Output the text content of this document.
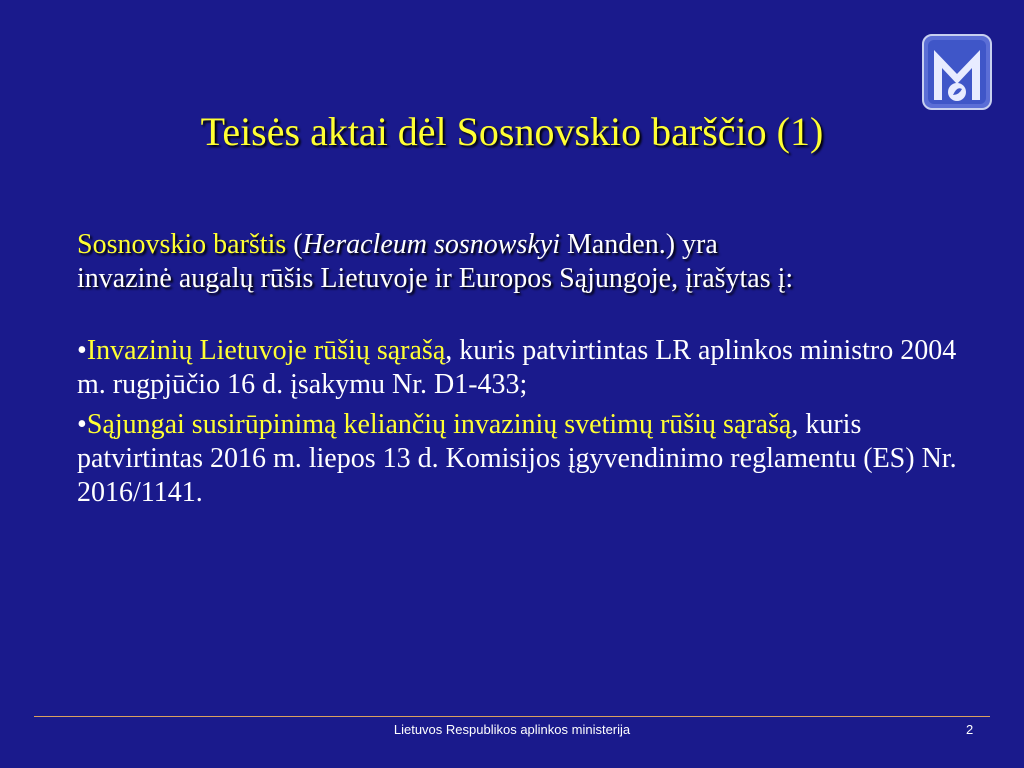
Teisės aktai dėl Sosnovskio barščio (1)

Sosnovskio barštis (Heracleum sosnowskyi Manden.) yra
invazinė augalų rūšis Lietuvoje ir Europos Sąjungoje, įrašytas į:

•Invazinių Lietuvoje rūšių sąrašą, kuris patvirtintas LR aplinkos ministro 2004 m. rugpjūčio 16 d. įsakymu Nr. D1-433;

•Sąjungai susirūpinimą keliančių invazinių svetimų rūšių sąrašą, kuris patvirtintas 2016 m. liepos 13 d. Komisijos įgyvendinimo reglamentu (ES) Nr. 2016/1141.

Lietuvos Respublikos aplinkos ministerija	2
